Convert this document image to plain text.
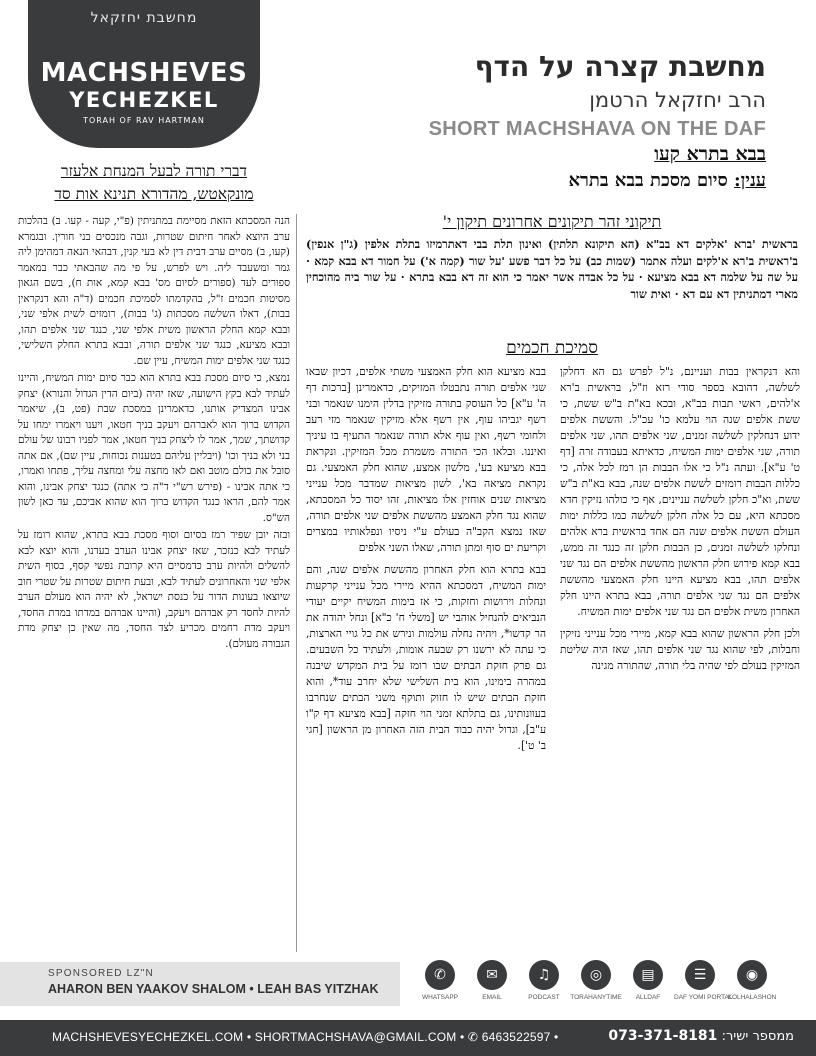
מחשבת יחזקאל
MACHSHEVES
YECHEZKEL
TORAH OF RAV HARTMAN
מחשבת קצרה על הדף
הרב יחזקאל הרטמן
SHORT MACHSHAVA ON THE DAF
בבא בתרא קעו
ענין: סיום מסכת בבא בתרא
דברי תורה לבעל המנחת אלעזר
מונקאטש, מהדורא תנינא אות סד

הנה המסכתא הזאת מסיימת במתניתין (פ"י, קעה - קעו. ב) בהלכות ערב היוצא לאחר חיתום שטרות, וגבה מנכסים בני חורין. ובגמרא (קעו, ב) מסיים ערב דבית דין לא בעי קנין, דבהאי הנאה דמהימן ליה גמר ומשעבד ליה. ויש לפרש, על פי מה שהבאתי כבר במאמר ספורים לעד (ספורים לסיום מס' בבא קמא, אות ח), בשם הגאון מסיטות חכמים ז"ל, בהקדמתו לסמיכת חכמים (ד"ה והא דנקראין בבות), דאלו השלשה מסכתות (ג' בבות), רומזים לשית אלפי שני, ובבא קמא החלק הראשון משית אלפי שני, כנגד שני אלפים תהו, ובבא מציעא, כנגד שני אלפים תורה, ובבא בתרא החלק השלישי, כנגד שני אלפים ימות המשיח, עיין שם.

נמצא, כי סיום מסכת בבא בתרא הוא כבר סיום ימות המשיח, והיינו לעתיד לבא בקץ הישועה, שאז יהיה (ביום הדין הגדול והנורא) יצחק אבינו המצדיק אותנו, כדאמרינן במסכת שבת (פט, ב), שיאמר הקדוש ברוך הוא לאברהם ויעקב בניך חטאו, ויענו ויאמרו ימחו על קדושתך, שמך, אמר לו ליצחק בניך חטאו, אמר לפניו רבונו של עולם בני ולא בניך וכו' (ויבליין עליהם בטענות נכוחות, עיין שם), אם אתה סובל את כולם מוטב ואם לאו מחצה עלי ומחצה עליך, פתחו ואמרו, כי אתה אבינו - (פירש רש"י ד"ה כי אתה) כנגד יצחק אבינו, והוא אמר להם, הראו כנגד הקדוש ברוך הוא שהוא אביכם, עד כאן לשון הש"ס.

ובזה יובן שפיר רמז בסיום וסוף מסכת בבא בתרא, שהוא רומז על לעתיד לבא כנזכר, שאז יצחק אבינו הערב בעדנו, והוא יוצא לבא להשלים ולהיות ערב כדמסיים היא קרובת נפשי קסף, בסוף השית אלפי שני והאחרונים לעתיד לבא, ובעת חיתום שטרות על שטרי חוב שיוצאו בעונות הדור על כנסת ישראל, לא יהיה הוא מעולם הערב להיות לחסד רק אברהם ויעקב, (והיינו אברהם במדתו במדת החסד, ויעקב מדת רחמים מכריע לצד החסד, מה שאין כן יצחק מדת הגבורה מעולם).

תיקוני זהר תיקונים אחרונים תיקון י'
בראשית 'ברא 'אלקים דא בב"א (הא תיקונא תלתין) ואינון תלת בבי דאתרמיזו בתלת אלפין (ג"ן אנפין) ב'ראשית ב'רא א'לקים ועלה אתמר (שמות כב) על כל דבר פשע 'על שור (קמה א') על חמור דא בבא קמא · על שה על שלמה דא בבא מציעא · על כל אבדה אשר יאמר כי הוא זה דא בבא בתרא · על שור ביה מהוכחין מארי דמתניתין דא עם דא · ואית שור
סמיכת חכמים

והא דנקראין בבות ועניינם, נ"ל לפרש גם הא דחלקן לשלשה, דהובא בספר סודי רזא וז"ל, בראשית ב'רא א'להים, ראשי תבות בב"א, ובכא בא"ת ב"ש ששת, כי ששת אלפים שנה הוי עלמא כו' עכ"ל. והששת אלפים ידוע דנחלקין לשלשה זמנים, שני אלפים תהו, שני אלפים תורה, שני אלפים ימות המשיח, כדאיתא בעבודה זרה [דף ט' ע"א]. ועתה נ"ל כי אלו הבבות הן רמז לכל אלה, כי כללות הבבות רומזים לששת אלפים שנה, בבא בא"ת ב"ש ששת, וא"כ חלקן לשלשה עניינים, אף כי כולהו נזיקין חדא מסכתא היא, עם כל אלה חלקן לשלשה כמו כללות ימות העולם הששת אלפים שנה הם אחד בראשית ברא אלהים ונחלקו לשלשה זמנים, כן הבבות חלקן זה כנגד זה ממש, בבא קמא פירוש חלק הראשון מהששת אלפים הם נגד שני אלפים תהו, בבא מציעא היינו חלק האמצעי מהששת אלפים הם נגד שני אלפים תורה, בבא בתרא היינו חלק האחרון משית אלפים הם נגד שני אלפים ימות המשיח.

ולכן חלק הראשון שהוא בבא קמא, מיירי מכל ענייני נזיקין וחבלות, לפי שהוא נגד שני אלפים תהו, שאז היה שליטת המזיקין בעולם לפי שהיה בלי תורה, שהתורה מגינה

בבא מציעא הוא חלק האמצעי משתי אלפים, דכיון שבאו שני אלפים תורה נתבטלו המזיקים, כדאמרינן [ברכות דף ה' ע"א] כל העוסק בתורה מזיקין בדלין הימנו שנאמר ובני רשף יגביהו עוף, אין רשף אלא מזיקין שנאמר מזי רעב ולחומי רשף, ואין עוף אלא תורה שנאמר התעיף בו עיניך ואיננו. ובלאו הכי התורה משמרת מכל המזיקין. ונקראת בבא מציעא בע', מלשון אמצע, שהוא חלק האמצעי. גם נקראת מציאה בא', לשון מציאות שמדבר מכל ענייני מציאות שנים אוחזין אלו מציאות, זהו יסוד כל המסכתא, שהוא נגד חלק האמצע מהששת אלפים שני אלפים תורה, שאז נמצא הקב"ה בעולם ע"י ניסיו ונפלאותיו במצרים וקריעת ים סוף ומתן תורה, שאלו השני אלפים

בבא בתרא הוא חלק האחרון מהששת אלפים שנה, והם ימות המשיח, דמסכתא ההיא מיירי מכל ענייני קרקעות ונחלות וירושות וחזקות, כי אז בימות המשיח יקיים יעודי הנביאים להנחיל אוהבי יש [משלי ח' כ"א] ונחל יהודה את הר קדשו*, ויהיה נחלה עולמות ונירש את כל גויי הארצות, כי עתה לא ירשנו רק שבעה אומות, ולעתיד כל השבעים. גם פרק חזקת הבתים שבו רומז על בית המקדש שיבנה במהרה בימינו, הוא בית השלישי שלא יחרב עוד*, והוא חזקת הבתים שיש לו חזוק ותוקף משני הבתים שנחרבו בעוונותינו, גם בתלתא זמני הוי חזקה [בבא מציעא דף ק"ו ע"ב], וגדול יהיה כבוד הבית הזה האחרון מן הראשון [חגי ב' ט'].

SPONSORED LZ"N
AHARON BEN YAAKOV SHALOM • LEAH BAS YITZHAK
✆
WHATSAPP
✉
EMAIL
♫
PODCAST
◎
TORAHANYTIME
▤
ALLDAF
☰
DAF YOMI PORTAL
◉
KOLHALASHON
MACHSHEVESYECHEZKEL.COM • SHORTMACHSHAVA@GMAIL.COM • ✆ 6463522597 •	ממספר ישיר: 073-371-8181
